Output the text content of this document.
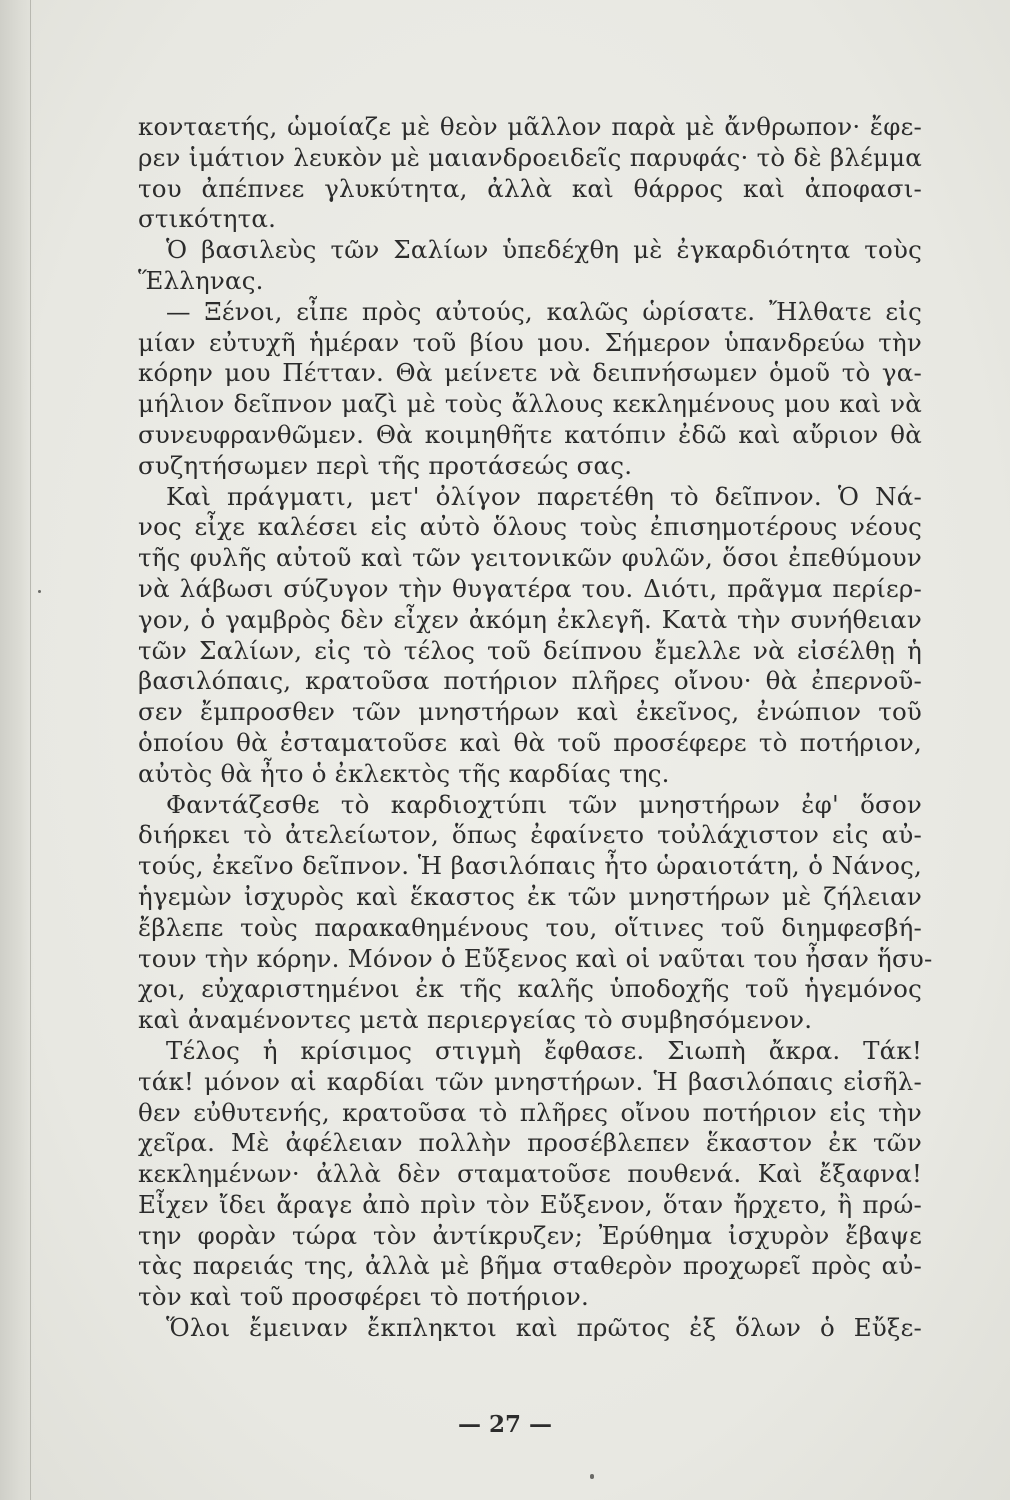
κονταετής, ὡμοίαζε μὲ θεὸν μᾶλλον παρὰ μὲ ἄνθρωπον· ἔφε-
ρεν ἱμάτιον λευκὸν μὲ μαιανδροειδεῖς παρυφάς· τὸ δὲ βλέμμα
του ἀπέπνεε γλυκύτητα, ἀλλὰ καὶ θάρρος καὶ ἀποφασι-
στικότητα.
Ὁ βασιλεὺς τῶν Σαλίων ὑπεδέχθη μὲ ἐγκαρδιότητα τοὺς
Ἕλληνας.
— Ξένοι, εἶπε πρὸς αὐτούς, καλῶς ὡρίσατε. Ἤλθατε εἰς
μίαν εὐτυχῆ ἡμέραν τοῦ βίου μου. Σήμερον ὑπανδρεύω τὴν
κόρην μου Πέτταν. Θὰ μείνετε νὰ δειπνήσωμεν ὁμοῦ τὸ γα-
μήλιον δεῖπνον μαζὶ μὲ τοὺς ἄλλους κεκλημένους μου καὶ νὰ
συνευφρανθῶμεν. Θὰ κοιμηθῆτε κατόπιν ἐδῶ καὶ αὔριον θὰ
συζητήσωμεν περὶ τῆς προτάσεώς σας.
Καὶ πράγματι, μετ' ὀλίγον παρετέθη τὸ δεῖπνον. Ὁ Νά-
νος εἶχε καλέσει εἰς αὐτὸ ὅλους τοὺς ἐπισημοτέρους νέους
τῆς φυλῆς αὐτοῦ καὶ τῶν γειτονικῶν φυλῶν, ὅσοι ἐπεθύμουν
νὰ λάβωσι σύζυγον τὴν θυγατέρα του. Διότι, πρᾶγμα περίερ-
γον, ὁ γαμβρὸς δὲν εἶχεν ἀκόμη ἐκλεγῆ. Κατὰ τὴν συνήθειαν
τῶν Σαλίων, εἰς τὸ τέλος τοῦ δείπνου ἔμελλε νὰ εἰσέλθῃ ἡ
βασιλόπαις, κρατοῦσα ποτήριον πλῆρες οἴνου· θὰ ἐπερνοῦ-
σεν ἔμπροσθεν τῶν μνηστήρων καὶ ἐκεῖνος, ἐνώπιον τοῦ
ὁποίου θὰ ἐσταματοῦσε καὶ θὰ τοῦ προσέφερε τὸ ποτήριον,
αὐτὸς θὰ ἦτο ὁ ἐκλεκτὸς τῆς καρδίας της.
Φαντάζεσθε τὸ καρδιοχτύπι τῶν μνηστήρων ἐφ' ὅσον
διήρκει τὸ ἀτελείωτον, ὅπως ἐφαίνετο τοὐλάχιστον εἰς αὐ-
τούς, ἐκεῖνο δεῖπνον. Ἡ βασιλόπαις ἦτο ὡραιοτάτη, ὁ Νάνος,
ἡγεμὼν ἰσχυρὸς καὶ ἕκαστος ἐκ τῶν μνηστήρων μὲ ζήλειαν
ἔβλεπε τοὺς παρακαθημένους του, οἵτινες τοῦ διημφεσβή-
τουν τὴν κόρην. Μόνον ὁ Εὔξενος καὶ οἱ ναῦται του ἦσαν ἥσυ-
χοι, εὐχαριστημένοι ἐκ τῆς καλῆς ὑποδοχῆς τοῦ ἡγεμόνος
καὶ ἀναμένοντες μετὰ περιεργείας τὸ συμβησόμενον.
Τέλος ἡ κρίσιμος στιγμὴ ἔφθασε. Σιωπὴ ἄκρα. Τάκ!
τάκ! μόνον αἱ καρδίαι τῶν μνηστήρων. Ἡ βασιλόπαις εἰσῆλ-
θεν εὐθυτενής, κρατοῦσα τὸ πλῆρες οἴνου ποτήριον εἰς τὴν
χεῖρα. Μὲ ἀφέλειαν πολλὴν προσέβλεπεν ἕκαστον ἐκ τῶν
κεκλημένων· ἀλλὰ δὲν σταματοῦσε πουθενά. Καὶ ἔξαφνα!
Εἶχεν ἴδει ἄραγε ἀπὸ πρὶν τὸν Εὔξενον, ὅταν ἤρχετο, ἢ πρώ-
την φορὰν τώρα τὸν ἀντίκρυζεν; Ἐρύθημα ἰσχυρὸν ἔβαψε
τὰς παρειάς της, ἀλλὰ μὲ βῆμα σταθερὸν προχωρεῖ πρὸς αὐ-
τὸν καὶ τοῦ προσφέρει τὸ ποτήριον.
Ὅλοι ἔμειναν ἔκπληκτοι καὶ πρῶτος ἐξ ὅλων ὁ Εὔξε-
— 27 —
